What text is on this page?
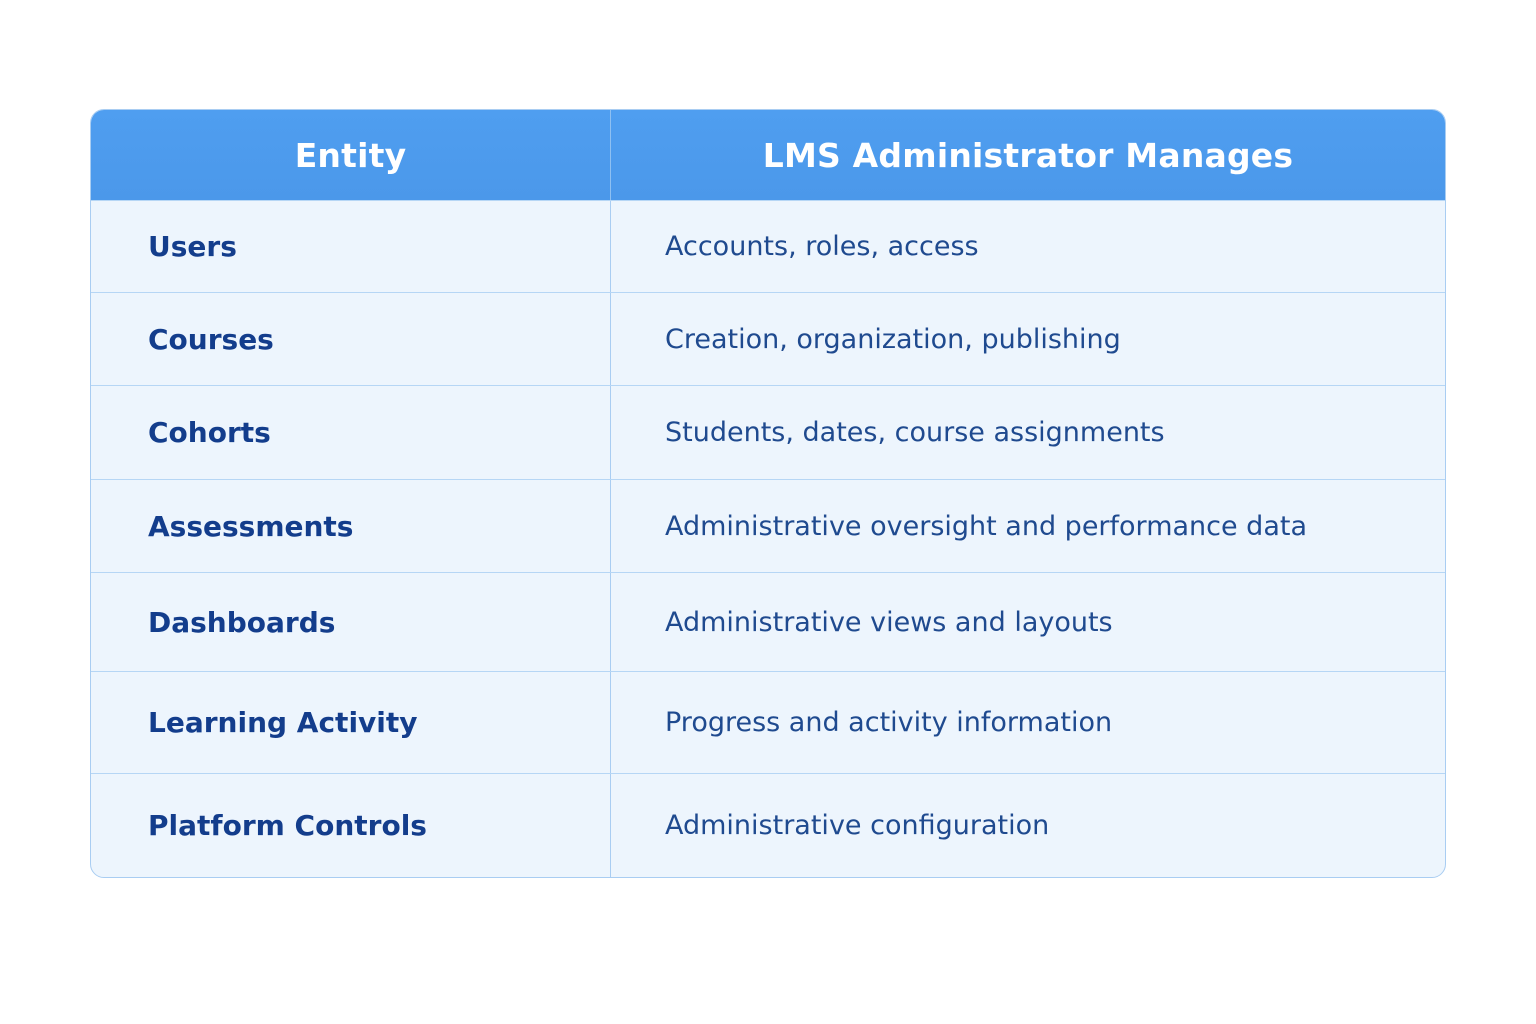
Entity	LMS Administrator Manages
Users	Accounts, roles, access
Courses	Creation, organization, publishing
Cohorts	Students, dates, course assignments
Assessments	Administrative oversight and performance data
Dashboards	Administrative views and layouts
Learning Activity	Progress and activity information
Platform Controls	Administrative configuration
